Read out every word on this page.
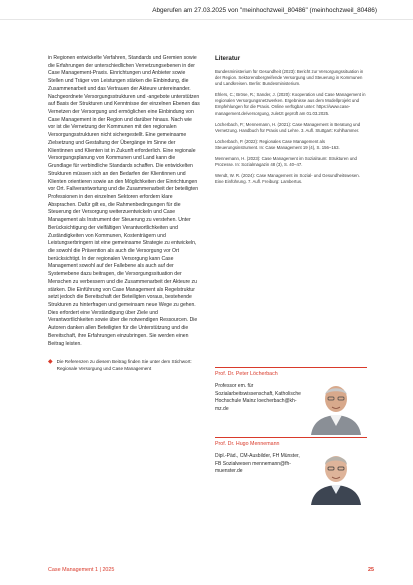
Abgerufen am 27.03.2025 von "meinhochzweil_80486" (meinhochzweil_80486)

in Regionen entwickelte Verfahren, Standards und Gremien sowie die Erfahrungen der unterschiedlichen Vernetzungsebenen in der Case Management-Praxis. Einrichtungen und Anbieter sowie Stellen und Träger von Leistungen stärken die Einbindung, die Zusammenarbeit und das Vertrauen der Akteure untereinander. Nachgeordnete Versorgungsstrukturen und -angebote unterstützen auf Basis der Strukturen und Kenntnisse der einzelnen Ebenen das Vernetzen der Versorgung und ermöglichen eine Einbindung von Case Management in der Region und darüber hinaus. Nach wie vor ist die Vernetzung der Kommunen mit den regionalen Versorgungsstrukturen nicht sichergestellt. Eine gemeinsame Zielsetzung und Gestaltung der Übergänge im Sinne der Klientinnen und Klienten ist in Zukunft erforderlich. Eine regionale Versorgungsplanung von Kommunen und Land kann die Grundlage für verbindliche Standards schaffen. Die entwickelten Strukturen müssen sich an den Bedarfen der Klientinnen und Klienten orientieren sowie an den Möglichkeiten der Einrichtungen vor Ort. Fallverantwortung und die Zusammenarbeit der beteiligten Professionen in den einzelnen Sektoren erfordern klare Absprachen. Dafür gilt es, die Rahmenbedingungen für die Steuerung der Versorgung weiterzuentwickeln und Case Management als Instrument der Steuerung zu verstehen. Unter Berücksichtigung der vielfältigen Verantwortlichkeiten und Zuständigkeiten von Kommunen, Kostenträgern und Leistungserbringern ist eine gemeinsame Strategie zu entwickeln, die sowohl die Prävention als auch die Versorgung vor Ort berücksichtigt. In der regionalen Versorgung kann Case Management sowohl auf der Fallebene als auch auf der Systemebene dazu beitragen, die Versorgungssituation der Menschen zu verbessern und die Zusammenarbeit der Akteure zu stärken. Die Einführung von Case Management als Regelstruktur setzt jedoch die Bereitschaft der Beteiligten voraus, bestehende Strukturen zu hinterfragen und gemeinsam neue Wege zu gehen. Dies erfordert eine Verständigung über Ziele und Verantwortlichkeiten sowie über die notwendigen Ressourcen. Die Autoren danken allen Beteiligten für die Unterstützung und die Bereitschaft, ihre Erfahrungen einzubringen. Sie werden einen Beitrag leisten.

◆ Die Referenzen zu diesem Beitrag finden Sie unter dem Stichwort: Regionale Versorgung und Case Management
Literatur
Bundesministerium für Gesundheit (2023): Bericht zur Versorgungssituation in der Region. Sektorenübergreifende Versorgung und Steuerung in Kommunen und Landkreisen. Berlin: Bundesministerium.
Ehlers, C.; Bröse, R.; Sander, J. (2020): Kooperation und Case Management in regionalen Versorgungsnetzwerken. Ergebnisse aus dem Modellprojekt und Empfehlungen für die Praxis. Online verfügbar unter: https://www.case-management.de/versorgung, zuletzt geprüft am 01.03.2025.
Löcherbach, P.; Mennemann, H. (2021): Case Management in Beratung und Vernetzung. Handbuch für Praxis und Lehre. 3. Aufl. Stuttgart: Kohlhammer.
Löcherbach, P. (2022): Regionales Case Management als Steuerungsinstrument. In: Case Management 19 (4), S. 156–163.
Mennemann, H. (2023): Case Management im Sozialraum: Strukturen und Prozesse. In: Sozialmagazin 48 (3), S. 40–47.
Wendt, W. R. (2024): Case Management im Sozial- und Gesundheitswesen. Eine Einführung. 7. Aufl. Freiburg: Lambertus.
Prof. Dr. Peter Löcherbach
Professor em. für Sozialarbeitswissenschaft, Katholische Hochschule Mainz loecherbach@kh-mz.de
Prof. Dr. Hugo Mennemann
Dipl.-Päd., CM-Ausbilder, FH Münster, FB Sozialwesen mennemann@fh-muenster.de
Case Management 1 | 2025	25
